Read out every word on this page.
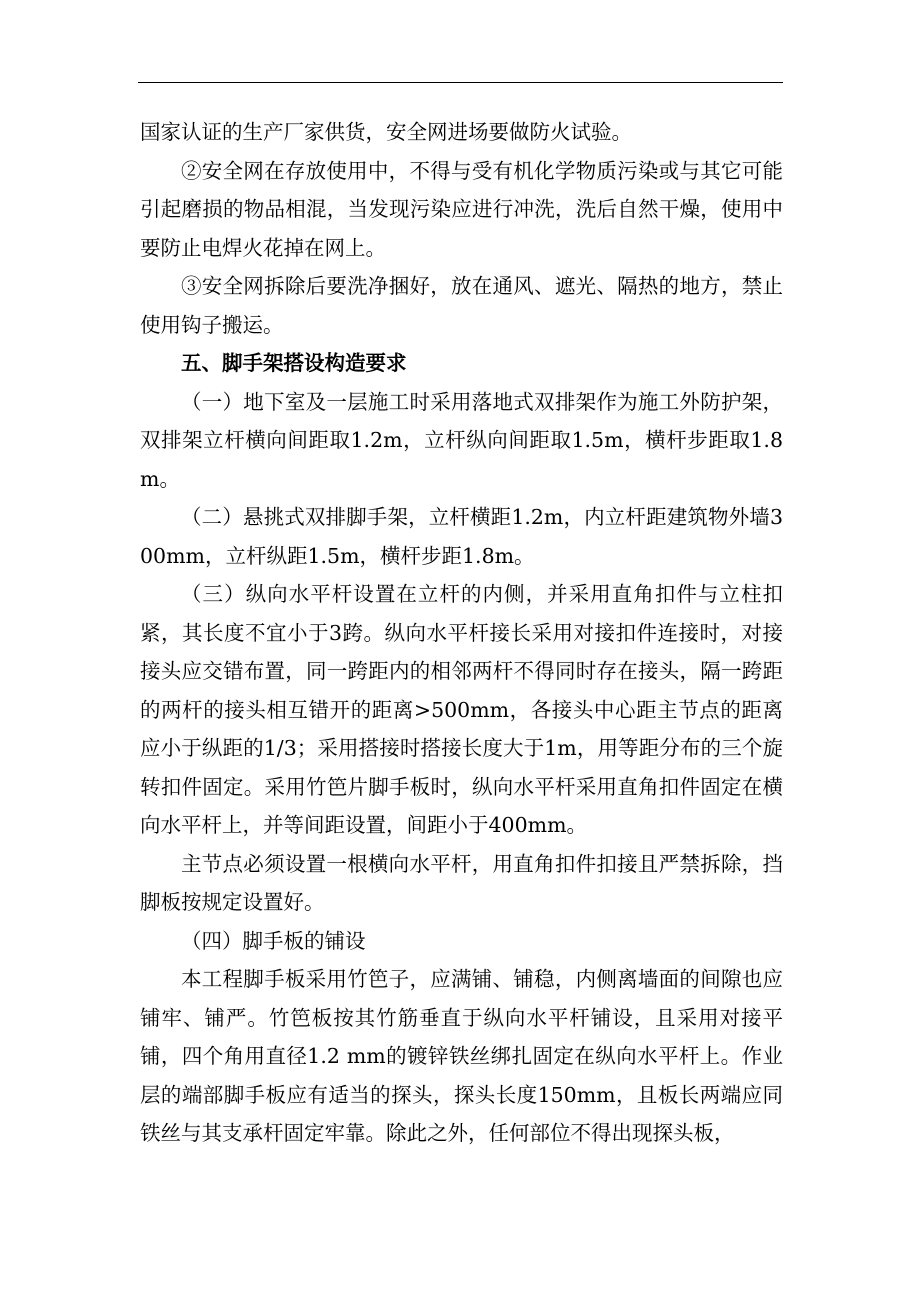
国家认证的生产厂家供货，安全网进场要做防火试验。

②安全网在存放使用中，不得与受有机化学物质污染或与其它可能引起磨损的物品相混，当发现污染应进行冲洗，洗后自然干燥，使用中要防止电焊火花掉在网上。

③安全网拆除后要洗净捆好，放在通风、遮光、隔热的地方，禁止使用钩子搬运。

五、脚手架搭设构造要求

（一）地下室及一层施工时采用落地式双排架作为施工外防护架，双排架立杆横向间距取1.2m，立杆纵向间距取1.5m，横杆步距取1.8m。

（二）悬挑式双排脚手架，立杆横距1.2m，内立杆距建筑物外墙300mm，立杆纵距1.5m，横杆步距1.8m。

（三）纵向水平杆设置在立杆的内侧，并采用直角扣件与立柱扣紧，其长度不宜小于3跨。纵向水平杆接长采用对接扣件连接时，对接接头应交错布置，同一跨距内的相邻两杆不得同时存在接头，隔一跨距的两杆的接头相互错开的距离>500mm，各接头中心距主节点的距离应小于纵距的1/3；采用搭接时搭接长度大于1m，用等距分布的三个旋转扣件固定。采用竹笆片脚手板时，纵向水平杆采用直角扣件固定在横向水平杆上，并等间距设置，间距小于400mm。

主节点必须设置一根横向水平杆，用直角扣件扣接且严禁拆除，挡脚板按规定设置好。

（四）脚手板的铺设

本工程脚手板采用竹笆子，应满铺、铺稳，内侧离墙面的间隙也应铺牢、铺严。竹笆板按其竹筋垂直于纵向水平杆铺设，且采用对接平铺，四个角用直径1.2 mm的镀锌铁丝绑扎固定在纵向水平杆上。作业层的端部脚手板应有适当的探头，探头长度150mm，且板长两端应同铁丝与其支承杆固定牢靠。除此之外，任何部位不得出现探头板，
